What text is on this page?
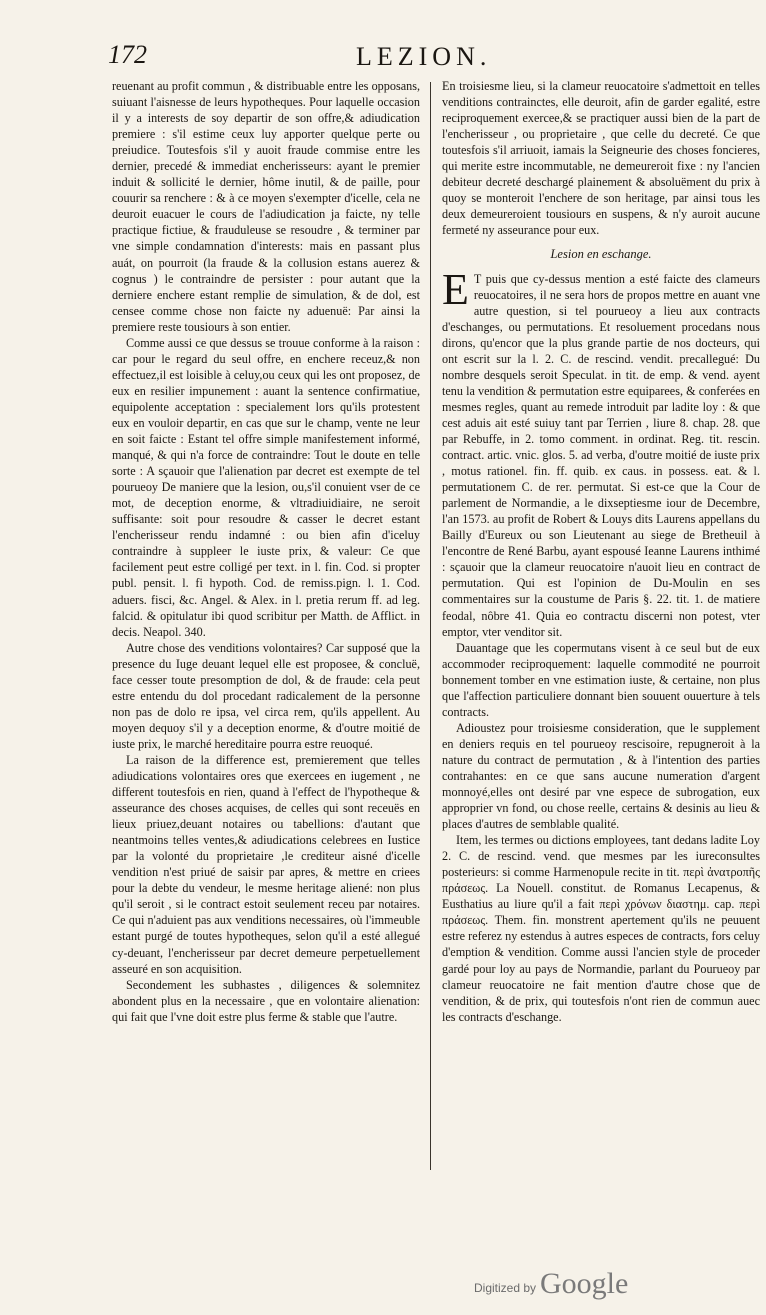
172	LEZION.

reuenant au profit commun , & distribuable entre les opposans, suiuant l'aisnesse de leurs hypotheques. Pour laquelle occasion il y a interests de soy departir de son offre,& adiudication premiere : s'il estime ceux luy apporter quelque perte ou preiudice. Toutesfois s'il y auoit fraude commise entre les dernier, precedé & immediat encherisseurs: ayant le premier induit & sollicité le dernier, hôme inutil, & de paille, pour couurir sa renchere : & à ce moyen s'exempter d'icelle, cela ne deuroit euacuer le cours de l'adiudication ja faicte, ny telle practique fictiue, & frauduleuse se resoudre , & terminer par vne simple condamnation d'interests: mais en passant plus auát, on pourroit (la fraude & la collusion estans auerez & cognus ) le contraindre de persister : pour autant que la derniere enchere estant remplie de simulation, & de dol, est censee comme chose non faicte ny aduenuë: Par ainsi la premiere reste tousiours à son entier.

Comme aussi ce que dessus se trouue conforme à la raison : car pour le regard du seul offre, en enchere receuz,& non effectuez,il est loisible à celuy,ou ceux qui les ont proposez, de eux en resilier impunement : auant la sentence confirmatiue, equipolente acceptation : specialement lors qu'ils protestent eux en vouloir departir, en cas que sur le champ, vente ne leur en soit faicte : Estant tel offre simple manifestement informé, manqué, & qui n'a force de contraindre: Tout le doute en telle sorte : A sçauoir que l'alienation par decret est exempte de tel pourueoy De maniere que la lesion, ou,s'il conuient vser de ce mot, de deception enorme, & vltradiuidiaire, ne seroit suffisante: soit pour resoudre & casser le decret estant l'encherisseur rendu indamné : ou bien afin d'iceluy contraindre à suppleer le iuste prix, & valeur: Ce que facilement peut estre colligé per text. in l. fin. Cod. si propter publ. pensit. l. fi hypoth. Cod. de remiss.pign. l. 1. Cod. aduers. fisci, &c. Angel. & Alex. in l. pretia rerum ff. ad leg. falcid. & opitulatur ibi quod scribitur per Matth. de Afflict. in decis. Neapol. 340.

Autre chose des venditions volontaires? Car supposé que la presence du Iuge deuant lequel elle est proposee, & concluë, face cesser toute presomption de dol, & de fraude: cela peut estre entendu du dol procedant radicalement de la personne non pas de dolo re ipsa, vel circa rem, qu'ils appellent. Au moyen dequoy s'il y a deception enorme, & d'outre moitié de iuste prix, le marché hereditaire pourra estre reuoqué.

La raison de la difference est, premierement que telles adiudications volontaires ores que exercees en iugement , ne different toutesfois en rien, quand à l'effect de l'hypotheque & asseurance des choses acquises, de celles qui sont receuës en lieux priuez,deuant notaires ou tabellions: d'autant que neantmoins telles ventes,& adiudications celebrees en Iustice par la volonté du proprietaire ,le crediteur aisné d'icelle vendition n'est priué de saisir par apres, & mettre en criees pour la debte du vendeur, le mesme heritage aliené: non plus qu'il seroit , si le contract estoit seulement receu par notaires. Ce qui n'aduient pas aux venditions necessaires, où l'immeuble estant purgé de toutes hypotheques, selon qu'il a esté allegué cy-deuant, l'encherisseur par decret demeure perpetuellement asseuré en son acquisition.

Secondement les subhastes , diligences & solemnitez abondent plus en la necessaire , que en volontaire alienation: qui fait que l'vne doit estre plus ferme & stable que l'autre.

En troisiesme lieu, si la clameur reuocatoire s'admettoit en telles venditions contrainctes, elle deuroit, afin de garder egalité, estre reciproquement exercee,& se practiquer aussi bien de la part de l'encherisseur , ou proprietaire , que celle du decreté. Ce que toutesfois s'il arriuoit, iamais la Seigneurie des choses foncieres, qui merite estre incommutable, ne demeureroit fixe : ny l'ancien debiteur decreté deschargé plainement & absoluëment du prix à quoy se monteroit l'enchere de son heritage, par ainsi tous les deux demeureroient tousiours en suspens, & n'y auroit aucune fermeté ny asseurance pour eux.

Lesion en eschange.

E T puis que cy-dessus mention a esté faicte des clameurs reuocatoires, il ne sera hors de propos mettre en auant vne autre question, si tel pourueoy a lieu aux contracts d'eschanges, ou permutations. Et resoluement procedans nous dirons, qu'encor que la plus grande partie de nos docteurs, qui ont escrit sur la l. 2. C. de rescind. vendit. precallegué: Du nombre desquels seroit Speculat. in tit. de emp. & vend. ayent tenu la vendition & permutation estre equiparees, & conferées en mesmes regles, quant au remede introduit par ladite loy : & que cest aduis ait esté suiuy tant par Terrien , liure 8. chap. 28. que par Rebuffe, in 2. tomo comment. in ordinat. Reg. tit. rescin. contract. artic. vnic. glos. 5. ad verba, d'outre moitié de iuste prix , motus rationel. fin. ff. quib. ex caus. in possess. eat. & l. permutationem C. de rer. permutat. Si est-ce que la Cour de parlement de Normandie, a le dixseptiesme iour de Decembre, l'an 1573. au profit de Robert & Louys dits Laurens appellans du Bailly d'Eureux ou son Lieutenant au siege de Bretheuil à l'encontre de René Barbu, ayant espousé Ieanne Laurens inthimé : sçauoir que la clameur reuocatoire n'auoit lieu en contract de permutation. Qui est l'opinion de Du-Moulin en ses commentaires sur la coustume de Paris §. 22. tit. 1. de matiere feodal, nôbre 41. Quia eo contractu discerni non potest, vter emptor, vter venditor sit.

Dauantage que les copermutans visent à ce seul but de eux accommoder reciproquement: laquelle commodité ne pourroit bonnement tomber en vne estimation iuste, & certaine, non plus que l'affection particuliere donnant bien souuent ouuerture à tels contracts.

Adioustez pour troisiesme consideration, que le supplement en deniers requis en tel pourueoy rescisoire, repugneroit à la nature du contract de permutation , & à l'intention des parties contrahantes: en ce que sans aucune numeration d'argent monnoyé,elles ont desiré par vne espece de subrogation, eux approprier vn fond, ou chose reelle, certains & desinis au lieu & places d'autres de semblable qualité.

Item, les termes ou dictions employees, tant dedans ladite Loy 2. C. de rescind. vend. que mesmes par les iureconsultes posterieurs: si comme Harmenopule recite in tit. περὶ ἀνατροπῆς πράσεως. La Nouell. constitut. de Romanus Lecapenus, & Eusthatius au liure qu'il a fait περὶ χρόνων διαστημ. cap. περὶ πράσεως. Them. fin. monstrent apertement qu'ils ne peuuent estre referez ny estendus à autres especes de contracts, fors celuy d'emption & vendition. Comme aussi l'ancien style de proceder gardé pour loy au pays de Normandie, parlant du Pourueoy par clameur reuocatoire ne fait mention d'autre chose que de vendition, & de prix, qui toutesfois n'ont rien de commun auec les contracts d'eschange.

Digitized by Google
